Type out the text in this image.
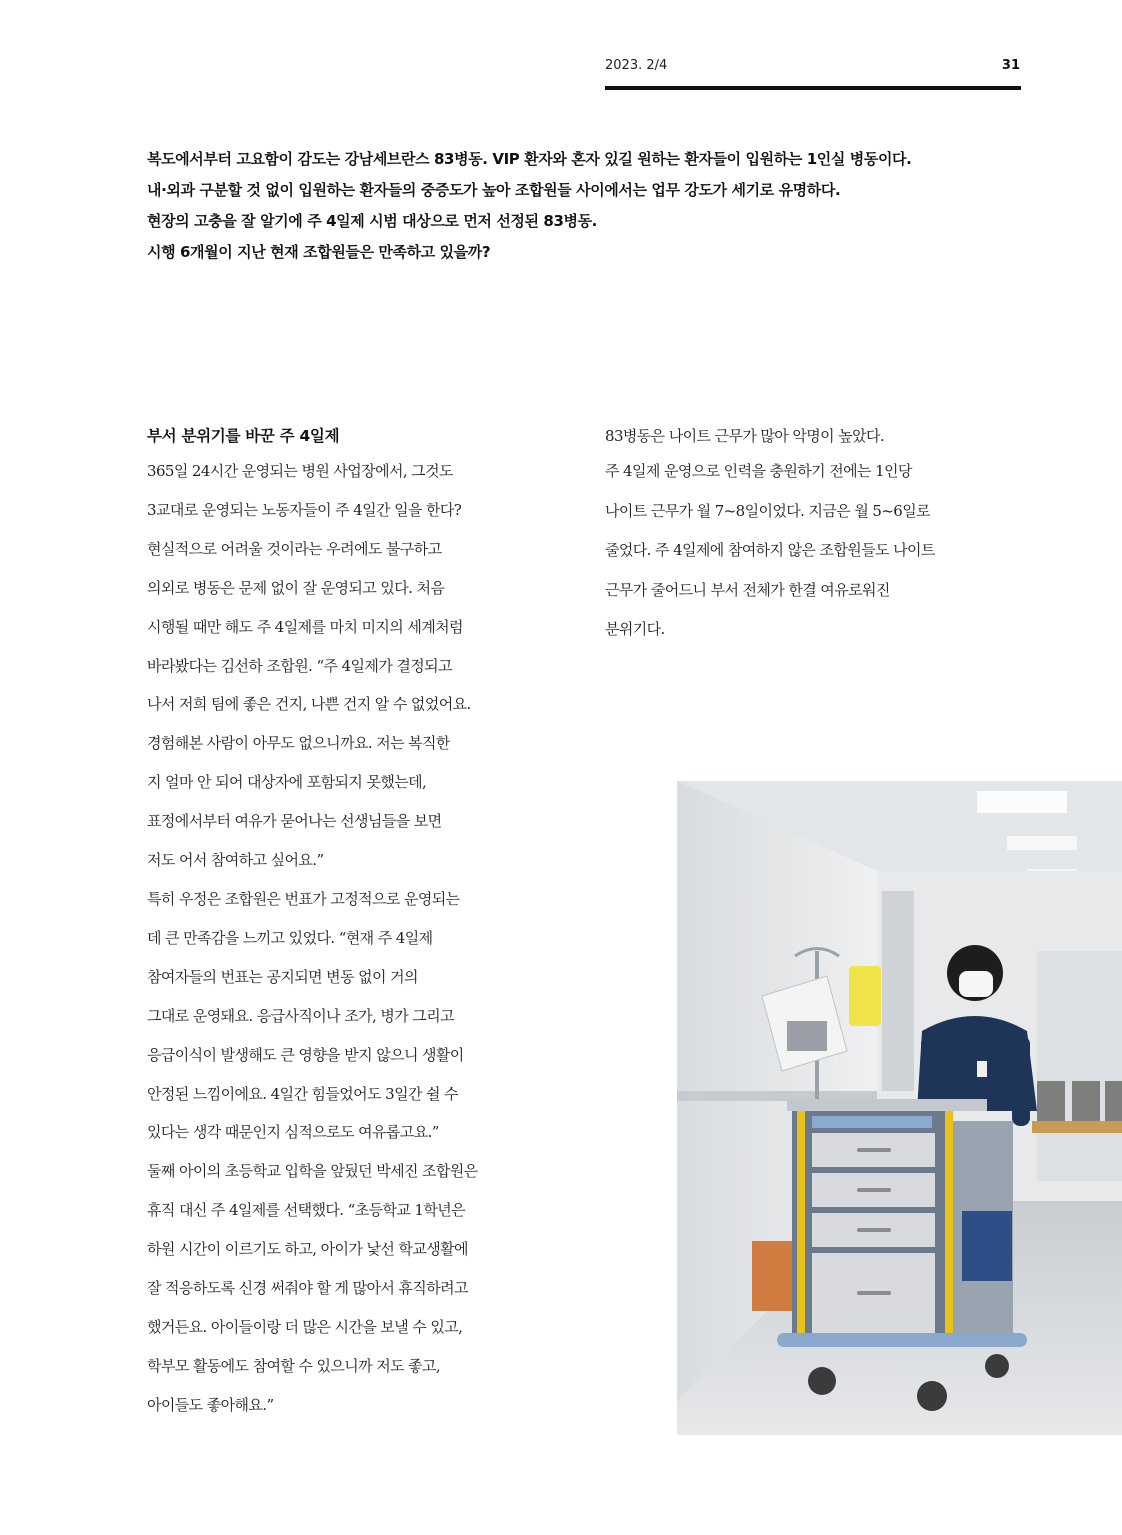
2023. 2/4	31

복도에서부터 고요함이 감도는 강남세브란스 83병동. VIP 환자와 혼자 있길 원하는 환자들이 입원하는 1인실 병동이다.

내·외과 구분할 것 없이 입원하는 환자들의 중증도가 높아 조합원들 사이에서는 업무 강도가 세기로 유명하다.

현장의 고충을 잘 알기에 주 4일제 시범 대상으로 먼저 선정된 83병동.

시행 6개월이 지난 현재 조합원들은 만족하고 있을까?

부서 분위기를 바꾼 주 4일제

365일 24시간 운영되는 병원 사업장에서, 그것도

3교대로 운영되는 노동자들이 주 4일간 일을 한다?

현실적으로 어려울 것이라는 우려에도 불구하고

의외로 병동은 문제 없이 잘 운영되고 있다. 처음

시행될 때만 해도 주 4일제를 마치 미지의 세계처럼

바라봤다는 김선하 조합원. “주 4일제가 결정되고

나서 저희 팀에 좋은 건지, 나쁜 건지 알 수 없었어요.

경험해본 사람이 아무도 없으니까요. 저는 복직한

지 얼마 안 되어 대상자에 포함되지 못했는데,

표정에서부터 여유가 묻어나는 선생님들을 보면

저도 어서 참여하고 싶어요.”

특히 우정은 조합원은 번표가 고정적으로 운영되는

데 큰 만족감을 느끼고 있었다. “현재 주 4일제

참여자들의 번표는 공지되면 변동 없이 거의

그대로 운영돼요. 응급사직이나 조가, 병가 그리고

응급이식이 발생해도 큰 영향을 받지 않으니 생활이

안정된 느낌이에요. 4일간 힘들었어도 3일간 쉴 수

있다는 생각 때문인지 심적으로도 여유롭고요.”

둘째 아이의 초등학교 입학을 앞뒀던 박세진 조합원은

휴직 대신 주 4일제를 선택했다. “초등학교 1학년은

하원 시간이 이르기도 하고, 아이가 낯선 학교생활에

잘 적응하도록 신경 써줘야 할 게 많아서 휴직하려고

했거든요. 아이들이랑 더 많은 시간을 보낼 수 있고,

학부모 활동에도 참여할 수 있으니까 저도 좋고,

아이들도 좋아해요.”

83병동은 나이트 근무가 많아 악명이 높았다.

주 4일제 운영으로 인력을 충원하기 전에는 1인당

나이트 근무가 월 7~8일이었다. 지금은 월 5~6일로

줄었다. 주 4일제에 참여하지 않은 조합원들도 나이트

근무가 줄어드니 부서 전체가 한결 여유로워진

분위기다.
